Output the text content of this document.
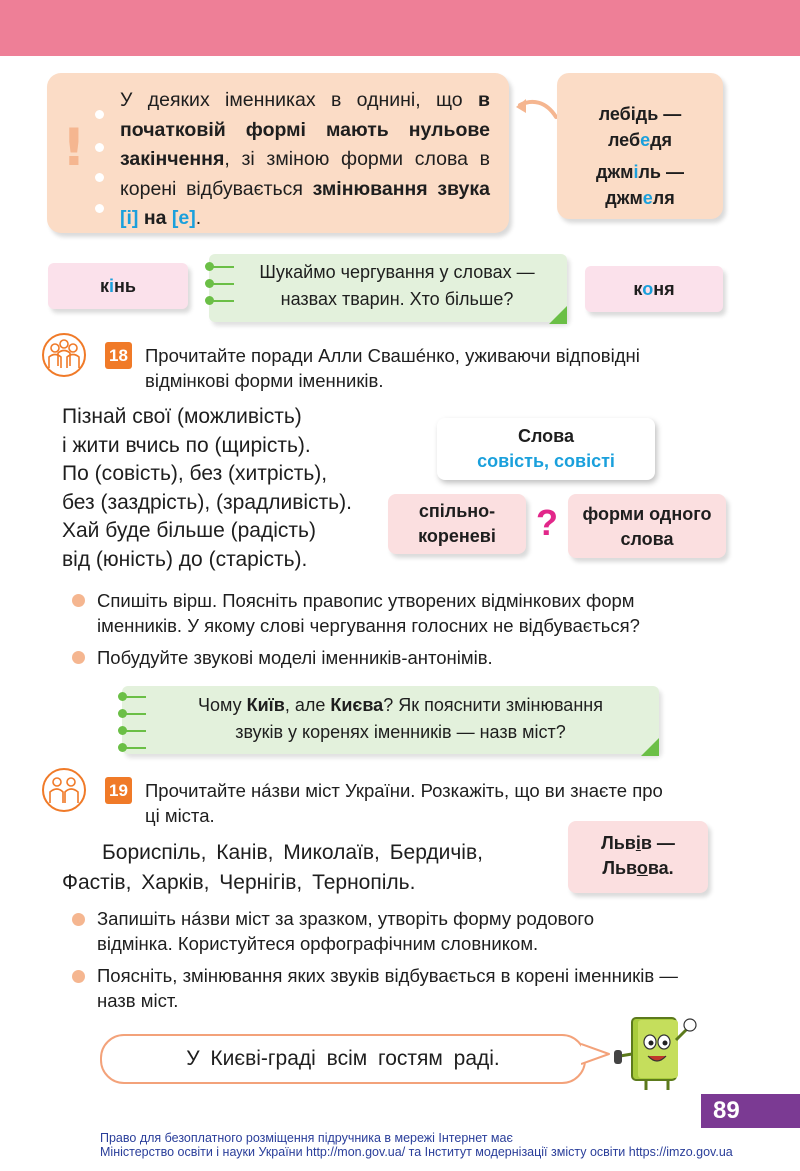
!
У деяких іменниках в однині, що в початковій формі мають нульове закінчення, зі зміною форми слова в корені відбувається змінювання звука [і] на [е].
лебідь —
лебедя
джміль —
джмеля
кінь	коня
Шукаймо чергування у словах —
назвах тварин. Хто більше?
18 Прочитайте поради Алли Свашéнко, уживаючи відповідні
відмінкові форми іменників.
Пізнай свої (можливість)
і жити вчись по (щирість).
По (совість), без (хитрість),
без (заздрість), (зрадливість).
Хай буде більше (радість)
від (юність) до (старість).
Слова
совість, совісті
спільно-
кореневі	?	форми одного
слова
Спишіть вірш. Поясніть правопис утворених відмінкових форм
іменників. У якому слові чергування голосних не відбувається?
Побудуйте звукові моделі іменників-антонімів.
Чому Київ, але Києва? Як пояснити змінювання
звуків у коренях іменників — назв міст?
19 Прочитайте нáзви міст України. Розкажіть, що ви знаєте про
ці міста.
Бориспіль, Канів, Миколаїв, Бердичів,
Фастів, Харків, Чернігів, Тернопіль.
Львів —
Львова.
Запишіть нáзви міст за зразком, утворіть форму родового
відмінка. Користуйтеся орфографічним словником.
Поясніть, змінювання яких звуків відбувається в корені іменників —
назв міст.
У Києві-граді всім гостям раді.
89
Право для безоплатного розміщення підручника в мережі Інтернет має
Міністерство освіти і науки України http://mon.gov.ua/ та Інститут модернізації змісту освіти https://imzo.gov.ua
